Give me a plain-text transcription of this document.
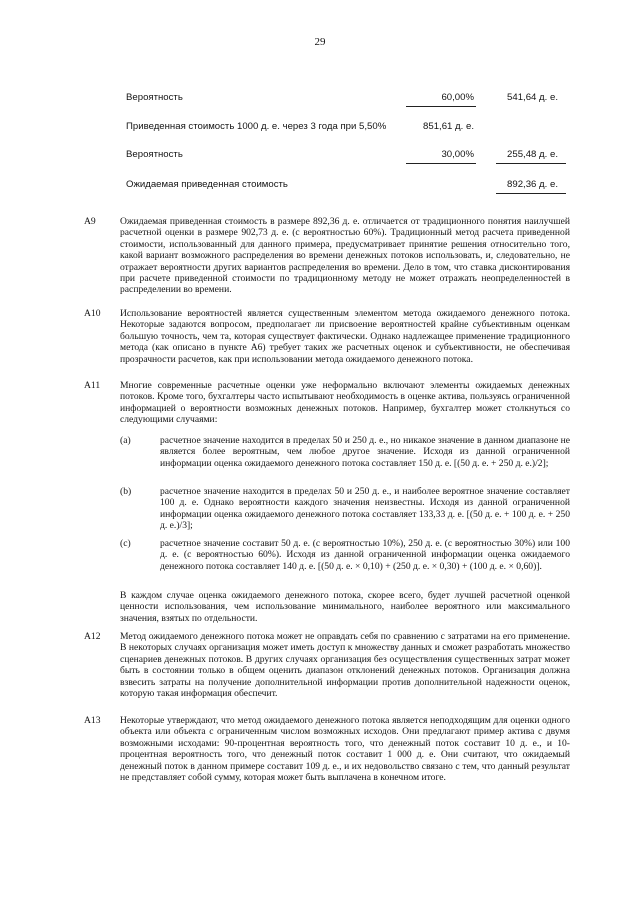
29
Вероятность	60,00%	541,64 д. е.
Приведенная стоимость 1000 д. е. через 3 года при 5,50%	851,61 д. е.
Вероятность	30,00%	255,48 д. е.
Ожидаемая приведенная стоимость	892,36 д. е.
A9	Ожидаемая приведенная стоимость в размере 892,36 д. е. отличается от традиционного понятия наилучшей расчетной оценки в размере 902,73 д. е. (с вероятностью 60%). Традиционный метод расчета приведенной стоимости, использованный для данного примера, предусматривает принятие решения относительно того, какой вариант возможного распределения во времени денежных потоков использовать, и, следовательно, не отражает вероятности других вариантов распределения во времени. Дело в том, что ставка дисконтирования при расчете приведенной стоимости по традиционному методу не может отражать неопределенностей в распределении во времени.
A10 Использование вероятностей является существенным элементом метода ожидаемого денежного потока. Некоторые задаются вопросом, предполагает ли присвоение вероятностей крайне субъективным оценкам большую точность, чем та, которая существует фактически. Однако надлежащее применение традиционного метода (как описано в пункте A6) требует таких же расчетных оценок и субъективности, не обеспечивая прозрачности расчетов, как при использовании метода ожидаемого денежного потока.
A11 Многие современные расчетные оценки уже неформально включают элементы ожидаемых денежных потоков. Кроме того, бухгалтеры часто испытывают необходимость в оценке актива, пользуясь ограниченной информацией о вероятности возможных денежных потоков. Например, бухгалтер может столкнуться со следующими случаями:
(a)	расчетное значение находится в пределах 50 и 250 д. е., но никакое значение в данном диапазоне не является более вероятным, чем любое другое значение. Исходя из данной ограниченной информации оценка ожидаемого денежного потока составляет 150 д. е. [(50 д. е. + 250 д. е.)/2];
(b)	расчетное значение находится в пределах 50 и 250 д. е., и наиболее вероятное значение составляет 100 д. е. Однако вероятности каждого значения неизвестны. Исходя из данной ограниченной информации оценка ожидаемого денежного потока составляет 133,33 д. е. [(50 д. е. + 100 д. е. + 250 д. е.)/3];
(c)	расчетное значение составит 50 д. е. (с вероятностью 10%), 250 д. е. (с вероятностью 30%) или 100 д. е. (с вероятностью 60%). Исходя из данной ограниченной информации оценка ожидаемого денежного потока составляет 140 д. е. [(50 д. е. × 0,10) + (250 д. е. × 0,30) + (100 д. е. × 0,60)].
В каждом случае оценка ожидаемого денежного потока, скорее всего, будет лучшей расчетной оценкой ценности использования, чем использование минимального, наиболее вероятного или максимального значения, взятых по отдельности.
A12 Метод ожидаемого денежного потока может не оправдать себя по сравнению с затратами на его применение. В некоторых случаях организация может иметь доступ к множеству данных и сможет разработать множество сценариев денежных потоков. В других случаях организация без осуществления существенных затрат может быть в состоянии только в общем оценить диапазон отклонений денежных потоков. Организация должна взвесить затраты на получение дополнительной информации против дополнительной надежности оценок, которую такая информация обеспечит.
A13 Некоторые утверждают, что метод ожидаемого денежного потока является неподходящим для оценки одного объекта или объекта с ограниченным числом возможных исходов. Они предлагают пример актива с двумя возможными исходами: 90-процентная вероятность того, что денежный поток составит 10 д. е., и 10-процентная вероятность того, что денежный поток составит 1 000 д. е. Они считают, что ожидаемый денежный поток в данном примере составит 109 д. е., и их недовольство связано с тем, что данный результат не представляет собой сумму, которая может быть выплачена в конечном итоге.
